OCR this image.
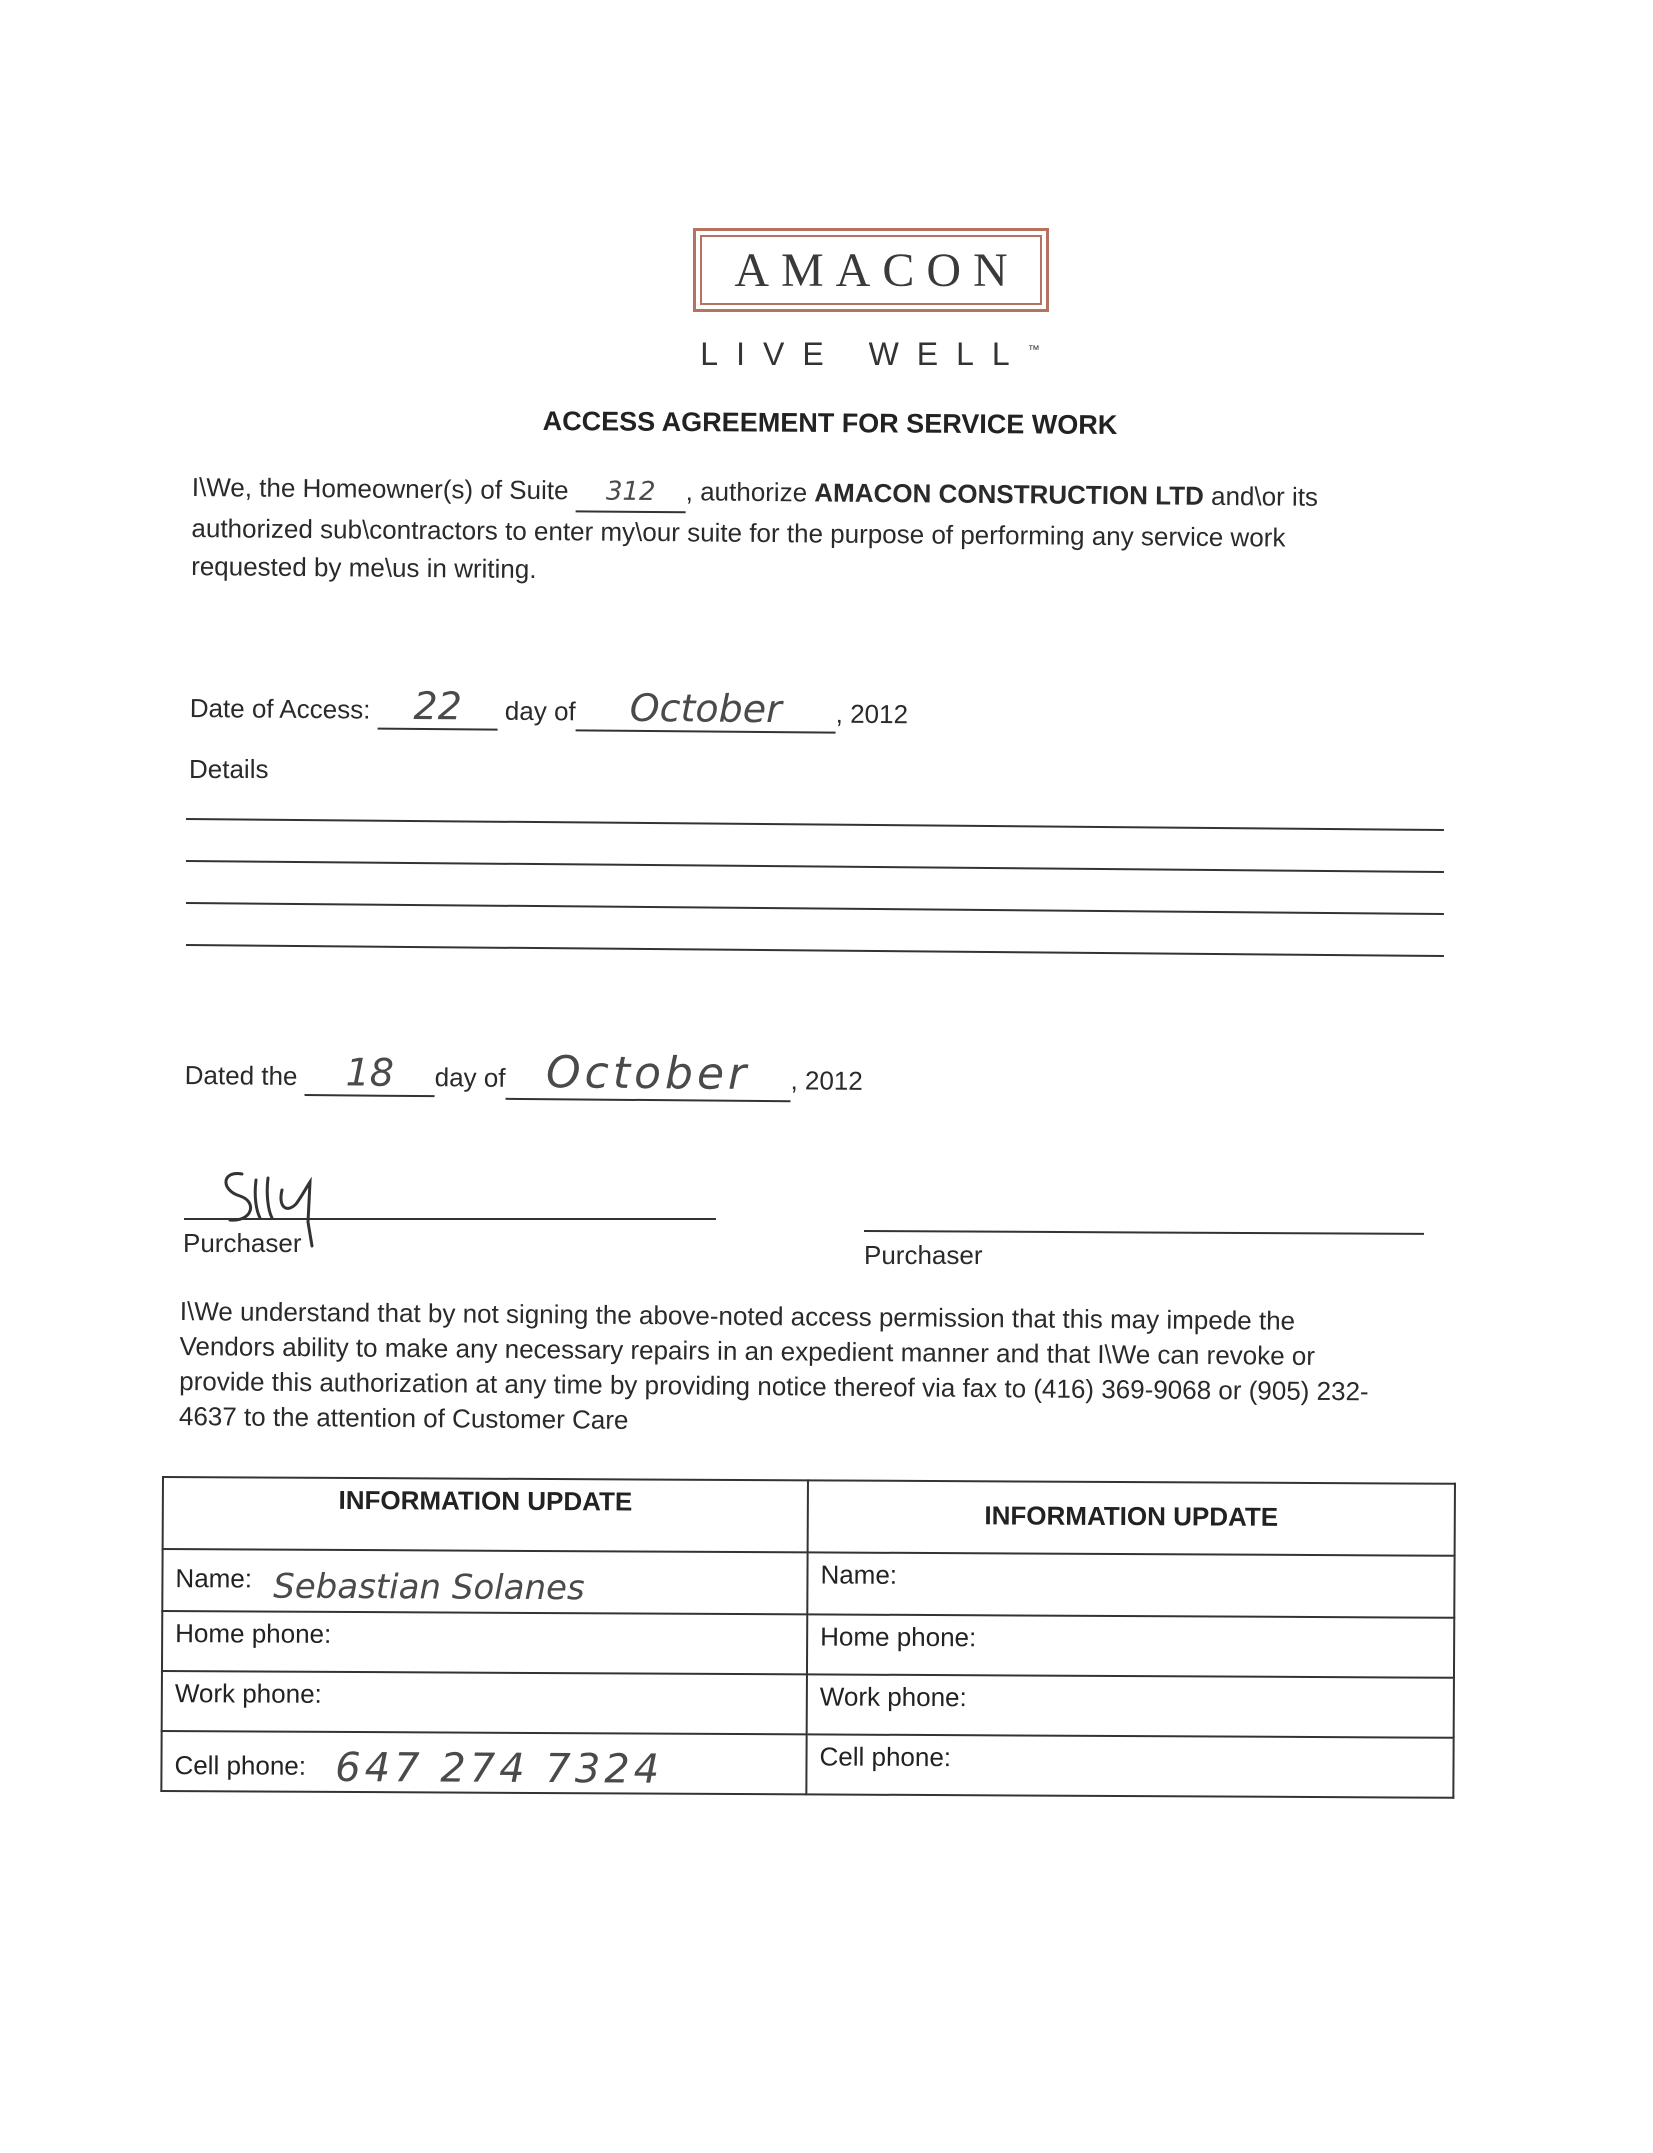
AMACON
LIVE WELL™
ACCESS AGREEMENT FOR SERVICE WORK
I\We, the Homeowner(s) of Suite 312 , authorize AMACON CONSTRUCTION LTD and\or its
authorized sub\contractors to enter my\our suite for the purpose of performing any service work
requested by me\us in writing.
Date of Access: 22 day of October , 2012
Details
Dated the 18 day of October , 2012
Purchaser	Purchaser
I\We understand that by not signing the above-noted access permission that this may impede the
Vendors ability to make any necessary repairs in an expedient manner and that I\We can revoke or
provide this authorization at any time by providing notice thereof via fax to (416) 369-9068 or (905) 232-
4637 to the attention of Customer Care
INFORMATION UPDATE	INFORMATION UPDATE
Name: Sebastian Solanes	Name:
Home phone:	Home phone:
Work phone:	Work phone:
Cell phone: 647 274 7324	Cell phone:
